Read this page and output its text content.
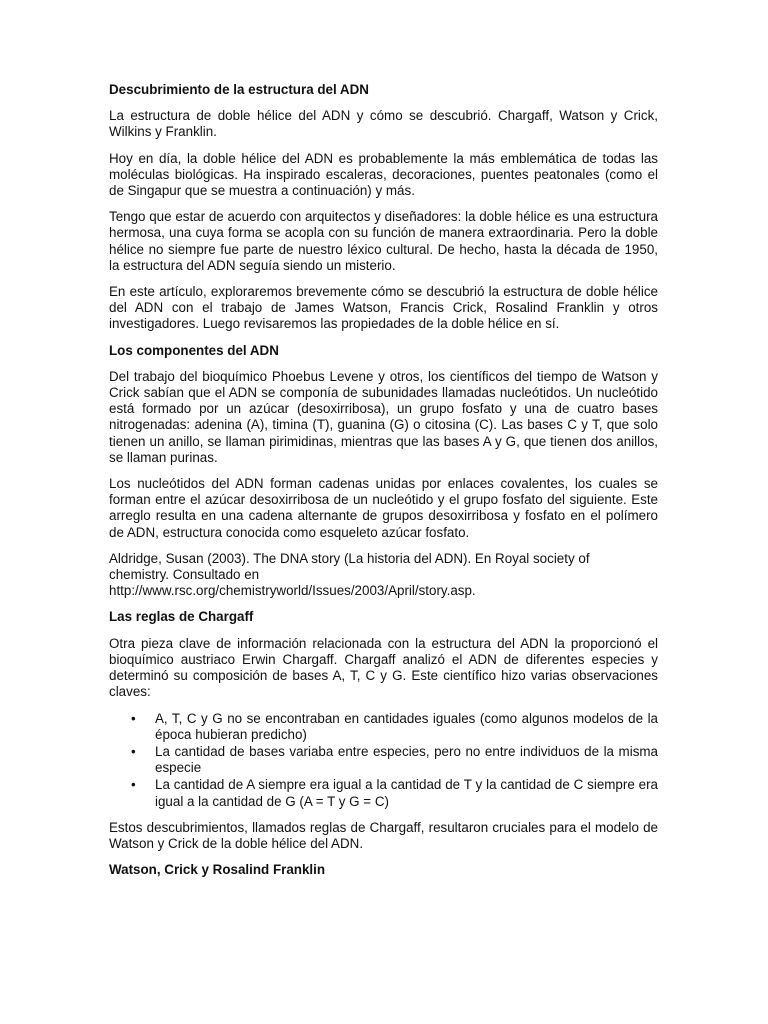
Descubrimiento de la estructura del ADN

La estructura de doble hélice del ADN y cómo se descubrió. Chargaff, Watson y Crick, Wilkins y Franklin.

Hoy en día, la doble hélice del ADN es probablemente la más emblemática de todas las moléculas biológicas. Ha inspirado escaleras, decoraciones, puentes peatonales (como el de Singapur que se muestra a continuación) y más.

Tengo que estar de acuerdo con arquitectos y diseñadores: la doble hélice es una estructura hermosa, una cuya forma se acopla con su función de manera extraordinaria. Pero la doble hélice no siempre fue parte de nuestro léxico cultural. De hecho, hasta la década de 1950, la estructura del ADN seguía siendo un misterio.

En este artículo, exploraremos brevemente cómo se descubrió la estructura de doble hélice del ADN con el trabajo de James Watson, Francis Crick, Rosalind Franklin y otros investigadores. Luego revisaremos las propiedades de la doble hélice en sí.

Los componentes del ADN

Del trabajo del bioquímico Phoebus Levene y otros, los científicos del tiempo de Watson y Crick sabían que el ADN se componía de subunidades llamadas nucleótidos. Un nucleótido está formado por un azúcar (desoxirribosa), un grupo fosfato y una de cuatro bases nitrogenadas: adenina (A), timina (T), guanina (G) o citosina (C). Las bases C y T, que solo tienen un anillo, se llaman pirimidinas, mientras que las bases A y G, que tienen dos anillos, se llaman purinas.

Los nucleótidos del ADN forman cadenas unidas por enlaces covalentes, los cuales se forman entre el azúcar desoxirribosa de un nucleótido y el grupo fosfato del siguiente. Este arreglo resulta en una cadena alternante de grupos desoxirribosa y fosfato en el polímero de ADN, estructura conocida como esqueleto azúcar fosfato.

Aldridge, Susan (2003). The DNA story (La historia del ADN). En Royal society of
chemistry. Consultado en
http://www.rsc.org/chemistryworld/Issues/2003/April/story.asp.

Las reglas de Chargaff

Otra pieza clave de información relacionada con la estructura del ADN la proporcionó el bioquímico austriaco Erwin Chargaff. Chargaff analizó el ADN de diferentes especies y determinó su composición de bases A, T, C y G. Este científico hizo varias observaciones claves:

• A, T, C y G no se encontraban en cantidades iguales (como algunos modelos de la época hubieran predicho)
• La cantidad de bases variaba entre especies, pero no entre individuos de la misma especie
• La cantidad de A siempre era igual a la cantidad de T y la cantidad de C siempre era igual a la cantidad de G (A = T y G = C)

Estos descubrimientos, llamados reglas de Chargaff, resultaron cruciales para el modelo de Watson y Crick de la doble hélice del ADN.

Watson, Crick y Rosalind Franklin
